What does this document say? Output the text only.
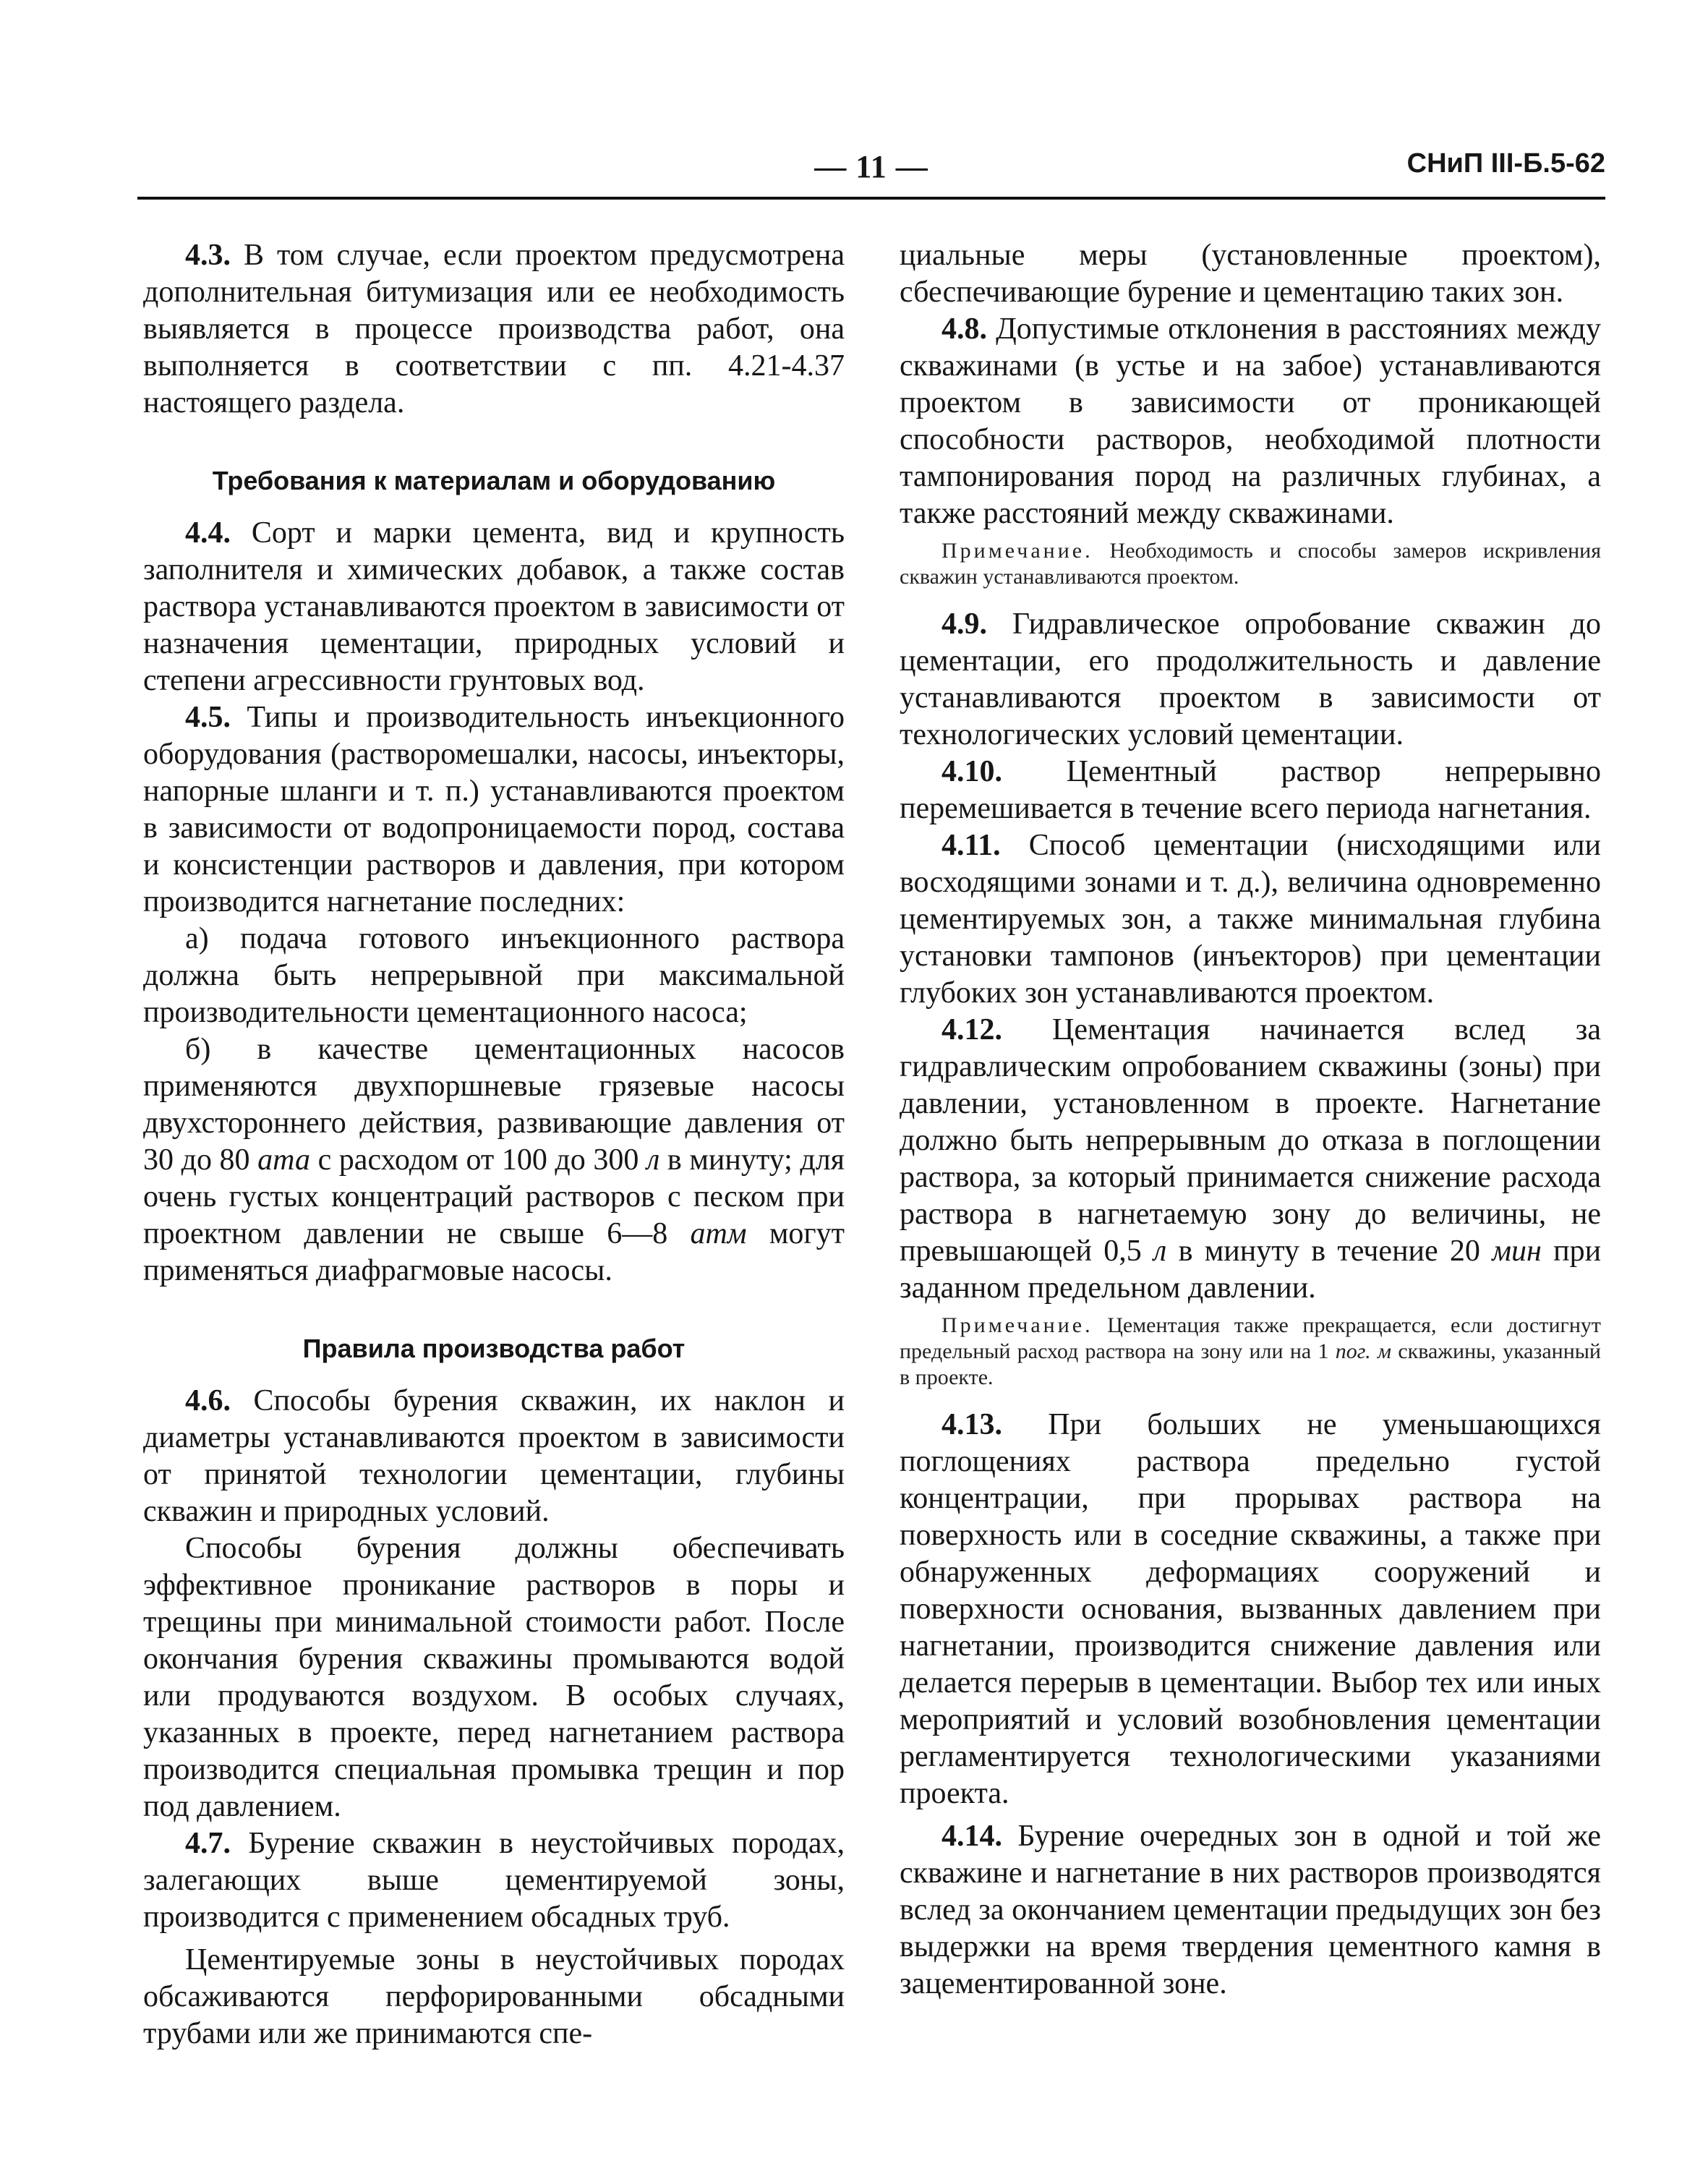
— 11 —	СНиП III-Б.5-62

4.3. В том случае, если проектом предусмотрена дополнительная битумизация или ее необходимость выявляется в процессе производства работ, она выполняется в соответствии с пп. 4.21-4.37 настоящего раздела.

Требования к материалам и оборудованию

4.4. Сорт и марки цемента, вид и крупность заполнителя и химических добавок, а также состав раствора устанавливаются проектом в зависимости от назначения цементации, природных условий и степени агрессивности грунтовых вод.

4.5. Типы и производительность инъекционного оборудования (растворомешалки, насосы, инъекторы, напорные шланги и т. п.) устанавливаются проектом в зависимости от водопроницаемости пород, состава и консистенции растворов и давления, при котором производится нагнетание последних:

а) подача готового инъекционного раствора должна быть непрерывной при максимальной производительности цементационного насоса;

б) в качестве цементационных насосов применяются двухпоршневые грязевые насосы двухстороннего действия, развивающие давления от 30 до 80 ата с расходом от 100 до 300 л в минуту; для очень густых концентраций растворов с песком при проектном давлении не свыше 6—8 атм могут применяться диафрагмовые насосы.

Правила производства работ

4.6. Способы бурения скважин, их наклон и диаметры устанавливаются проектом в зависимости от принятой технологии цементации, глубины скважин и природных условий.

Способы бурения должны обеспечивать эффективное проникание растворов в поры и трещины при минимальной стоимости работ. После окончания бурения скважины промываются водой или продуваются воздухом. В особых случаях, указанных в проекте, перед нагнетанием раствора производится специальная промывка трещин и пор под давлением.

4.7. Бурение скважин в неустойчивых породах, залегающих выше цементируемой зоны, производится с применением обсадных труб.

Цементируемые зоны в неустойчивых породах обсаживаются перфорированными обсадными трубами или же принимаются спе-

циальные меры (установленные проектом), сбеспечивающие бурение и цементацию таких зон.

4.8. Допустимые отклонения в расстояниях между скважинами (в устье и на забое) устанавливаются проектом в зависимости от проникающей способности растворов, необходимой плотности тампонирования пород на различных глубинах, а также расстояний между скважинами.

Примечание. Необходимость и способы замеров искривления скважин устанавливаются проектом.

4.9. Гидравлическое опробование скважин до цементации, его продолжительность и давление устанавливаются проектом в зависимости от технологических условий цементации.

4.10. Цементный раствор непрерывно перемешивается в течение всего периода нагнетания.

4.11. Способ цементации (нисходящими или восходящими зонами и т. д.), величина одновременно цементируемых зон, а также минимальная глубина установки тампонов (инъекторов) при цементации глубоких зон устанавливаются проектом.

4.12. Цементация начинается вслед за гидравлическим опробованием скважины (зоны) при давлении, установленном в проекте. Нагнетание должно быть непрерывным до отказа в поглощении раствора, за который принимается снижение расхода раствора в нагнетаемую зону до величины, не превышающей 0,5 л в минуту в течение 20 мин при заданном предельном давлении.

Примечание. Цементация также прекращается, если достигнут предельный расход раствора на зону или на 1 пог. м скважины, указанный в проекте.

4.13. При больших не уменьшающихся поглощениях раствора предельно густой концентрации, при прорывах раствора на поверхность или в соседние скважины, а также при обнаруженных деформациях сооружений и поверхности основания, вызванных давлением при нагнетании, производится снижение давления или делается перерыв в цементации. Выбор тех или иных мероприятий и условий возобновления цементации регламентируется технологическими указаниями проекта.

4.14. Бурение очередных зон в одной и той же скважине и нагнетание в них растворов производятся вслед за окончанием цементации предыдущих зон без выдержки на время твердения цементного камня в зацементированной зоне.
